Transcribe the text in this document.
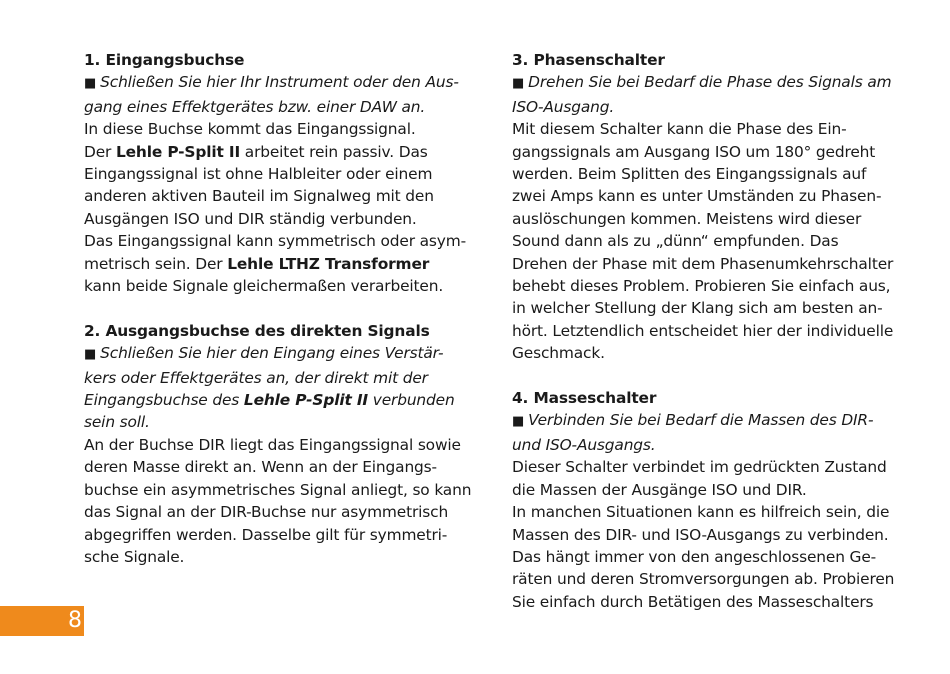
1. Eingangsbuchse
■ Schließen Sie hier Ihr Instrument oder den Aus-
gang eines Effektgerätes bzw. einer DAW an.
In diese Buchse kommt das Eingangssignal.
Der Lehle P-Split II arbeitet rein passiv. Das
Eingangssignal ist ohne Halbleiter oder einem
anderen aktiven Bauteil im Signalweg mit den
Ausgängen ISO und DIR ständig verbunden.
Das Eingangssignal kann symmetrisch oder asym-
metrisch sein. Der Lehle LTHZ Transformer
kann beide Signale gleichermaßen verarbeiten.
2. Ausgangsbuchse des direkten Signals
■ Schließen Sie hier den Eingang eines Verstär-
kers oder Effektgerätes an, der direkt mit der
Eingangsbuchse des Lehle P-Split II verbunden
sein soll.
An der Buchse DIR liegt das Eingangssignal sowie
deren Masse direkt an. Wenn an der Eingangs-
buchse ein asymmetrisches Signal anliegt, so kann
das Signal an der DIR-Buchse nur asymmetrisch
abgegriffen werden. Dasselbe gilt für symmetri-
sche Signale.
3. Phasenschalter
■ Drehen Sie bei Bedarf die Phase des Signals am
ISO-Ausgang.
Mit diesem Schalter kann die Phase des Ein-
gangssignals am Ausgang ISO um 180° gedreht
werden. Beim Splitten des Eingangssignals auf
zwei Amps kann es unter Umständen zu Phasen-
auslöschungen kommen. Meistens wird dieser
Sound dann als zu „dünn“ empfunden. Das
Drehen der Phase mit dem Phasenumkehrschalter
behebt dieses Problem. Probieren Sie einfach aus,
in welcher Stellung der Klang sich am besten an-
hört. Letztendlich entscheidet hier der individuelle
Geschmack.
4. Masseschalter
■ Verbinden Sie bei Bedarf die Massen des DIR-
und ISO-Ausgangs.
Dieser Schalter verbindet im gedrückten Zustand
die Massen der Ausgänge ISO und DIR.
In manchen Situationen kann es hilfreich sein, die
Massen des DIR- und ISO-Ausgangs zu verbinden.
Das hängt immer von den angeschlossenen Ge-
räten und deren Stromversorgungen ab. Probieren
Sie einfach durch Betätigen des Masseschalters
8
